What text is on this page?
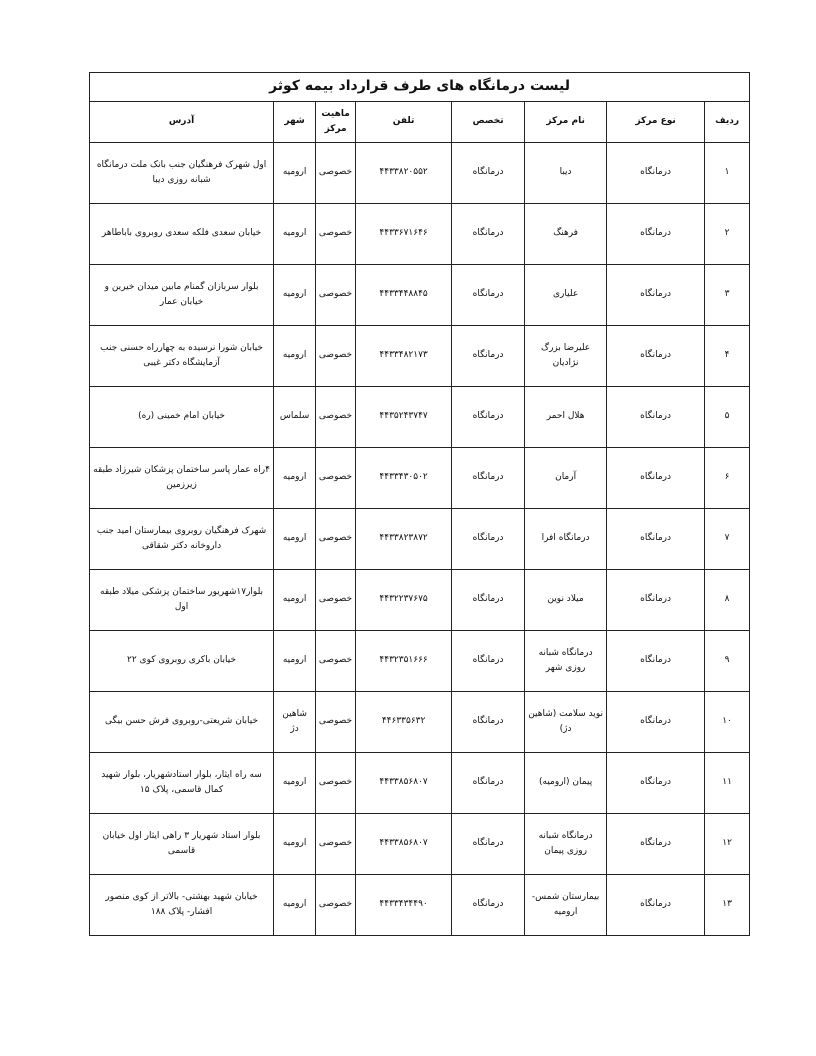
لیست درمانگاه های طرف قرارداد بیمه کوثر							
ردیف	نوع مرکز	نام مرکز	تخصص	تلفن	ماهیت مرکز	شهر	آدرس
۱	درمانگاه	دیبا	درمانگاه	۴۴۳۳۸۲۰۵۵۲	خصوصی	ارومیه	اول شهرک فرهنگیان جنب بانک ملت درمانگاه شبانه روزی دیبا
۲	درمانگاه	فرهنگ	درمانگاه	۴۴۳۳۶۷۱۶۴۶	خصوصی	ارومیه	خیابان سعدی فلکه سعدی روبروی باباطاهر
۳	درمانگاه	علیاری	درمانگاه	۴۴۳۳۴۴۸۸۴۵	خصوصی	ارومیه	بلوار سربازان گمنام مابین میدان خیرین و خیابان عمار
۴	درمانگاه	علیرضا بزرگ نژادیان	درمانگاه	۴۴۳۳۴۸۲۱۷۳	خصوصی	ارومیه	خیابان شورا نرسیده به چهارراه حسنی جنب آزمایشگاه دکتر غیبی
۵	درمانگاه	هلال احمر	درمانگاه	۴۴۳۵۲۴۳۷۴۷	خصوصی	سلماس	خیابان امام خمینی (ره)
۶	درمانگاه	آرمان	درمانگاه	۴۴۳۳۴۳۰۵۰۲	خصوصی	ارومیه	۴راه عمار پاسر ساختمان پزشکان شیرزاد طبقه زیرزمین
۷	درمانگاه	درمانگاه افرا	درمانگاه	۴۴۳۳۸۲۳۸۷۲	خصوصی	ارومیه	شهرک فرهنگیان روبروی بیمارستان امید جنب داروخانه دکتر شقاقی
۸	درمانگاه	میلاد نوین	درمانگاه	۴۴۳۲۲۳۷۶۷۵	خصوصی	ارومیه	بلوار۱۷شهریور ساختمان پزشکی میلاد طبقه اول
۹	درمانگاه	درمانگاه شبانه روزی شهر	درمانگاه	۴۴۳۲۳۵۱۶۶۶	خصوصی	ارومیه	خیابان باکری روبروی کوی ۲۲
۱۰	درمانگاه	نوید سلامت (شاهین دژ)	درمانگاه	۴۴۶۳۳۵۶۳۲	خصوصی	شاهین دژ	خیابان شریعتی-روبروی فرش حسن بیگی
۱۱	درمانگاه	پیمان (ارومیه)	درمانگاه	۴۴۳۳۸۵۶۸۰۷	خصوصی	ارومیه	سه راه ایثار، بلوار استادشهریار، بلوار شهید کمال قاسمی، پلاک ۱۵
۱۲	درمانگاه	درمانگاه شبانه روزی پیمان	درمانگاه	۴۴۳۳۸۵۶۸۰۷	خصوصی	ارومیه	بلوار استاد شهریار ۳ راهی ایثار اول خیابان قاسمی
۱۳	درمانگاه	بیمارستان شمس- ارومیه	درمانگاه	۴۴۳۳۴۳۴۴۹۰	خصوصی	ارومیه	خیابان شهید بهشتی- بالاتر از کوی منصور افشار- پلاک ۱۸۸
